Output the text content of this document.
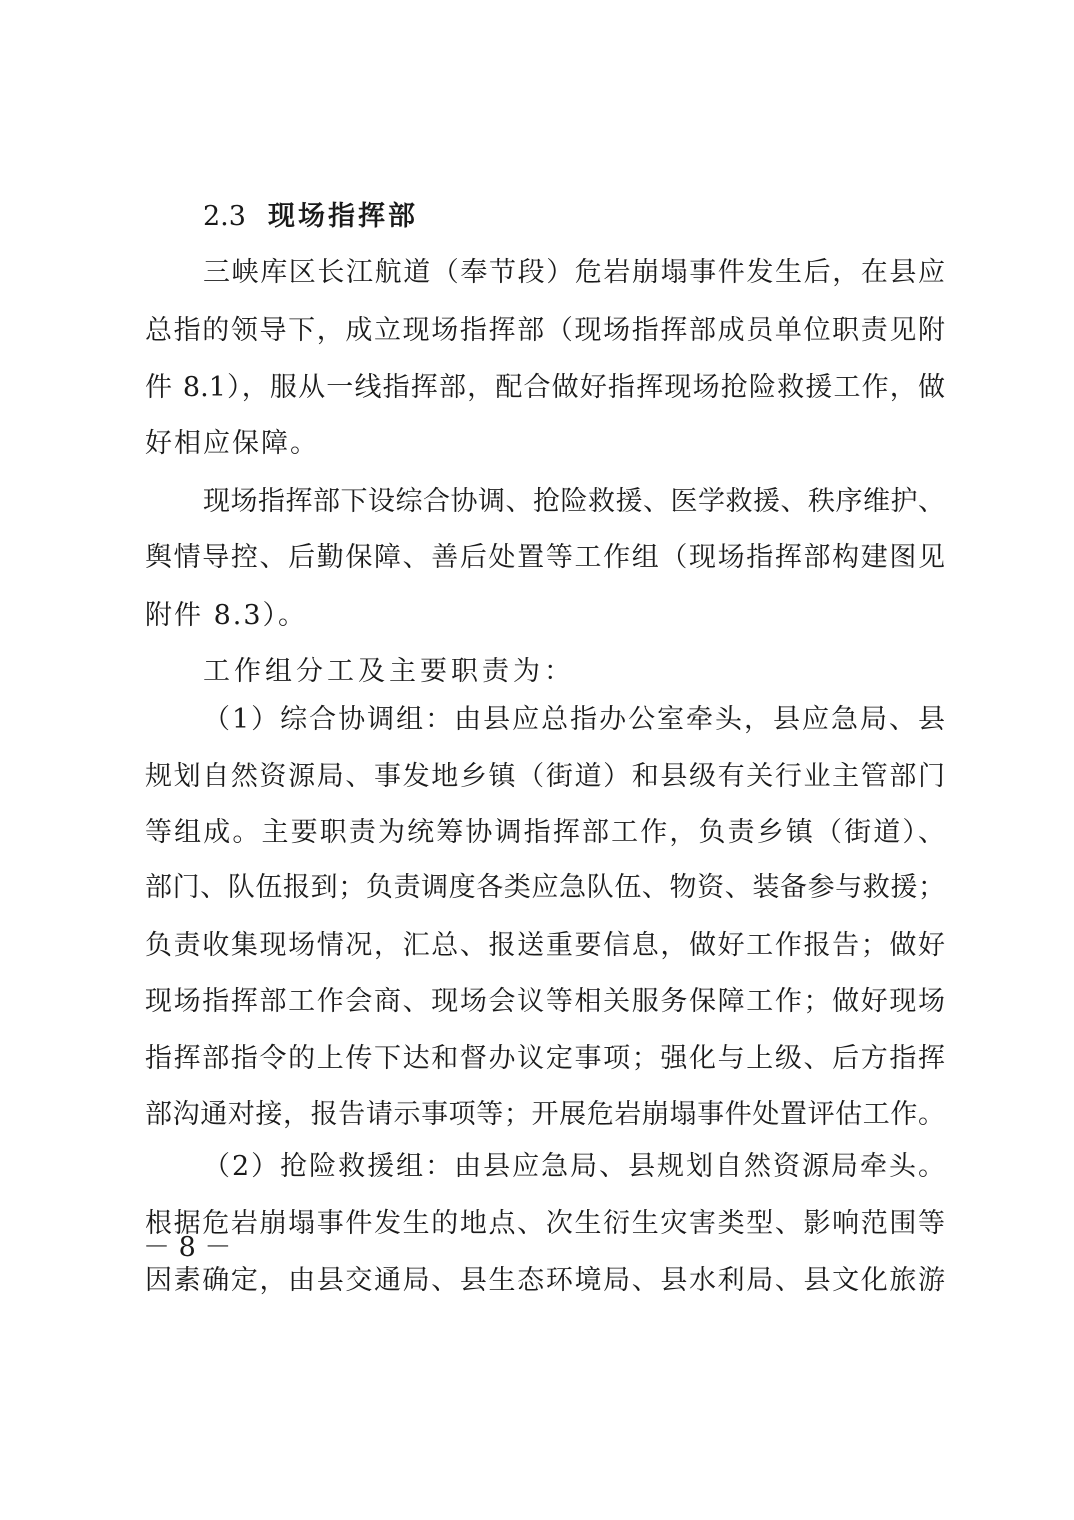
2.3 现场指挥部
三峡库区长江航道（奉节段）危岩崩塌事件发生后，在县应
总指的领导下，成立现场指挥部（现场指挥部成员单位职责见附
件 8.1），服从一线指挥部，配合做好指挥现场抢险救援工作，做
好相应保障。
现场指挥部下设综合协调、抢险救援、医学救援、秩序维护、
舆情导控、后勤保障、善后处置等工作组（现场指挥部构建图见
附件 8.3）。
工作组分工及主要职责为：
（1）综合协调组：由县应总指办公室牵头，县应急局、县
规划自然资源局、事发地乡镇（街道）和县级有关行业主管部门
等组成。主要职责为统筹协调指挥部工作，负责乡镇（街道）、
部门、队伍报到；负责调度各类应急队伍、物资、装备参与救援；
负责收集现场情况，汇总、报送重要信息，做好工作报告；做好
现场指挥部工作会商、现场会议等相关服务保障工作；做好现场
指挥部指令的上传下达和督办议定事项；强化与上级、后方指挥
部沟通对接，报告请示事项等；开展危岩崩塌事件处置评估工作。
（2）抢险救援组：由县应急局、县规划自然资源局牵头。
根据危岩崩塌事件发生的地点、次生衍生灾害类型、影响范围等
因素确定，由县交通局、县生态环境局、县水利局、县文化旅游
－ 8 －
